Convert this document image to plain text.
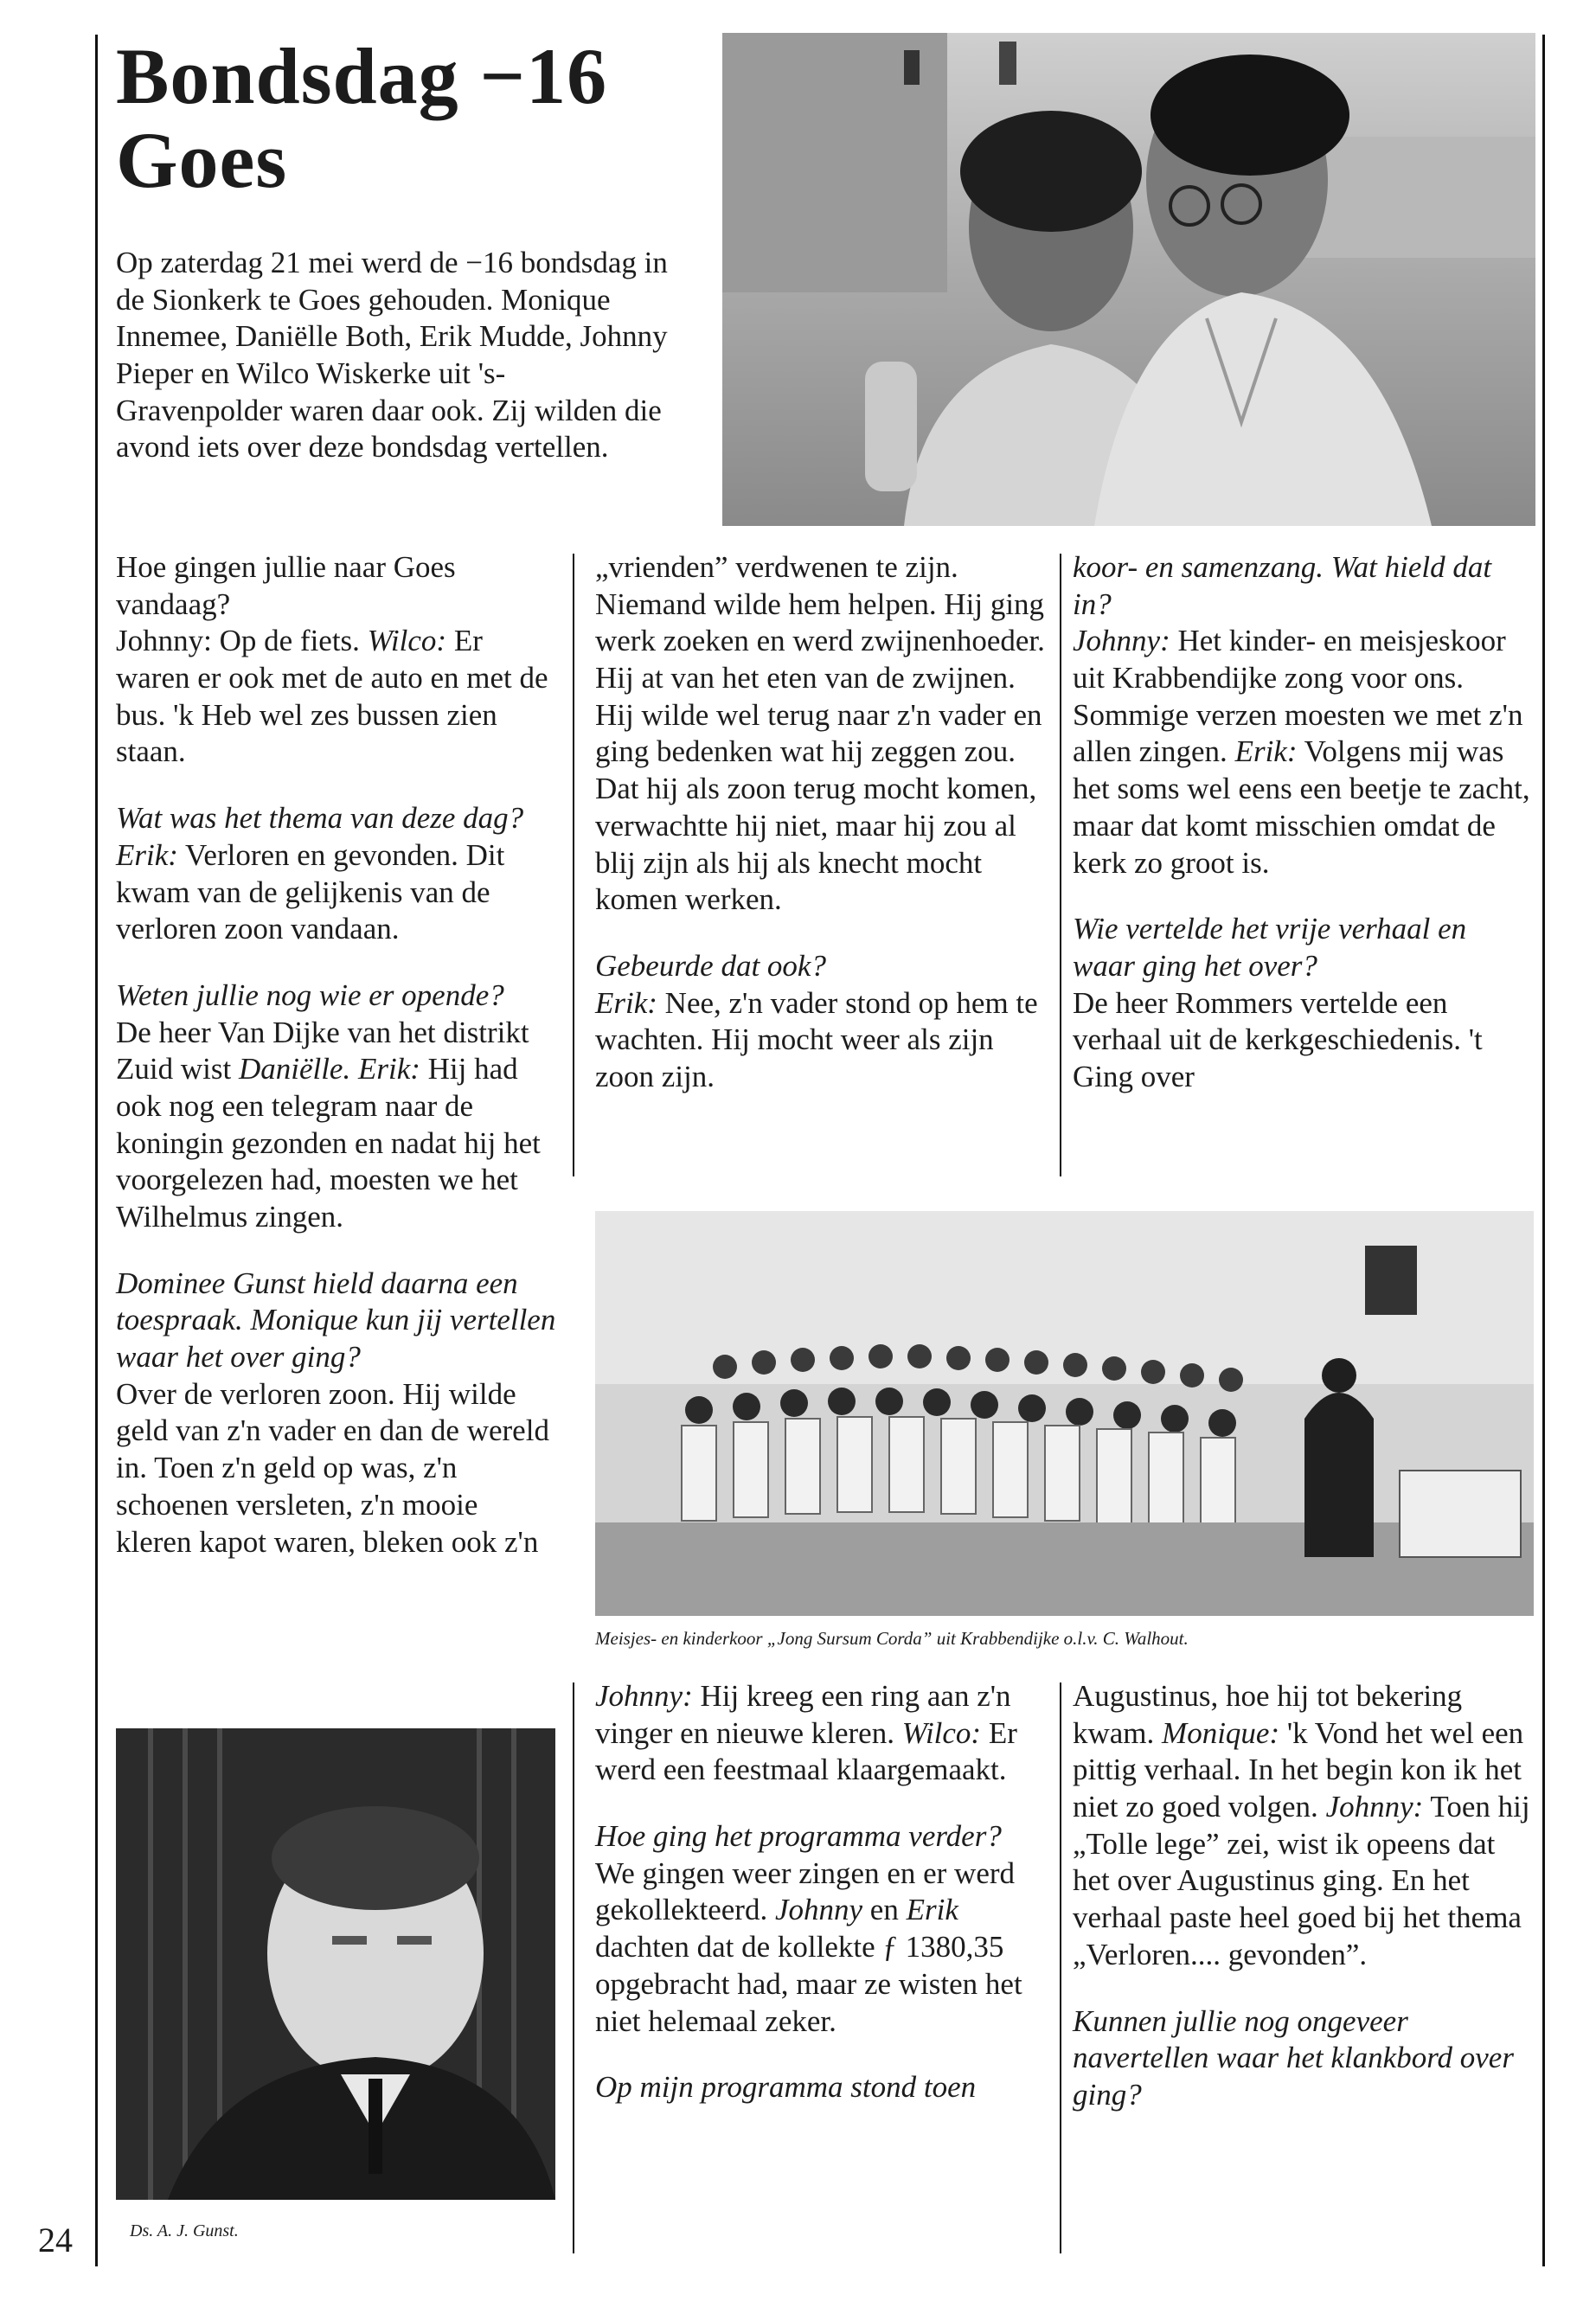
24
Bondsdag −16
Goes

Op zaterdag 21 mei werd de −16 bondsdag in de Sionkerk te Goes gehouden. Monique Innemee, Daniëlle Both, Erik Mudde, Johnny Pieper en Wilco Wiskerke uit 's-Gravenpolder waren daar ook. Zij wilden die avond iets over deze bondsdag vertellen.

Hoe gingen jullie naar Goes vandaag?
Johnny: Op de fiets. Wilco: Er waren er ook met de auto en met de bus. 'k Heb wel zes bussen zien staan.

Wat was het thema van deze dag?
Erik: Verloren en gevonden. Dit kwam van de gelijkenis van de verloren zoon vandaan.

Weten jullie nog wie er opende?
De heer Van Dijke van het distrikt Zuid wist Daniëlle. Erik: Hij had ook nog een telegram naar de koningin gezonden en nadat hij het voorgelezen had, moesten we het Wilhelmus zingen.

Dominee Gunst hield daarna een toespraak. Monique kun jij vertellen waar het over ging?
Over de verloren zoon. Hij wilde geld van z'n vader en dan de wereld in. Toen z'n geld op was, z'n schoenen versleten, z'n mooie kleren kapot waren, bleken ook z'n

„vrienden” verdwenen te zijn. Niemand wilde hem helpen. Hij ging werk zoeken en werd zwijnenhoeder. Hij at van het eten van de zwijnen. Hij wilde wel terug naar z'n vader en ging bedenken wat hij zeggen zou. Dat hij als zoon terug mocht komen, verwachtte hij niet, maar hij zou al blij zijn als hij als knecht mocht komen werken.

Gebeurde dat ook?
Erik: Nee, z'n vader stond op hem te wachten. Hij mocht weer als zijn zoon zijn.

koor- en samenzang. Wat hield dat in?
Johnny: Het kinder- en meisjeskoor uit Krabbendijke zong voor ons. Sommige verzen moesten we met z'n allen zingen. Erik: Volgens mij was het soms wel eens een beetje te zacht, maar dat komt misschien omdat de kerk zo groot is.

Wie vertelde het vrije verhaal en waar ging het over?
De heer Rommers vertelde een verhaal uit de kerkgeschiedenis. 't Ging over

Meisjes- en kinderkoor „Jong Sursum Corda” uit Krabbendijke o.l.v. C. Walhout.

Johnny: Hij kreeg een ring aan z'n vinger en nieuwe kleren. Wilco: Er werd een feestmaal klaargemaakt.

Hoe ging het programma verder?
We gingen weer zingen en er werd gekollekteerd. Johnny en Erik dachten dat de kollekte ƒ 1380,35 opgebracht had, maar ze wisten het niet helemaal zeker.

Op mijn programma stond toen

Augustinus, hoe hij tot bekering kwam. Monique: 'k Vond het wel een pittig verhaal. In het begin kon ik het niet zo goed volgen. Johnny: Toen hij „Tolle lege” zei, wist ik opeens dat het over Augustinus ging. En het verhaal paste heel goed bij het thema „Verloren.... gevonden”.

Kunnen jullie nog ongeveer navertellen waar het klankbord over ging?

Ds. A. J. Gunst.
